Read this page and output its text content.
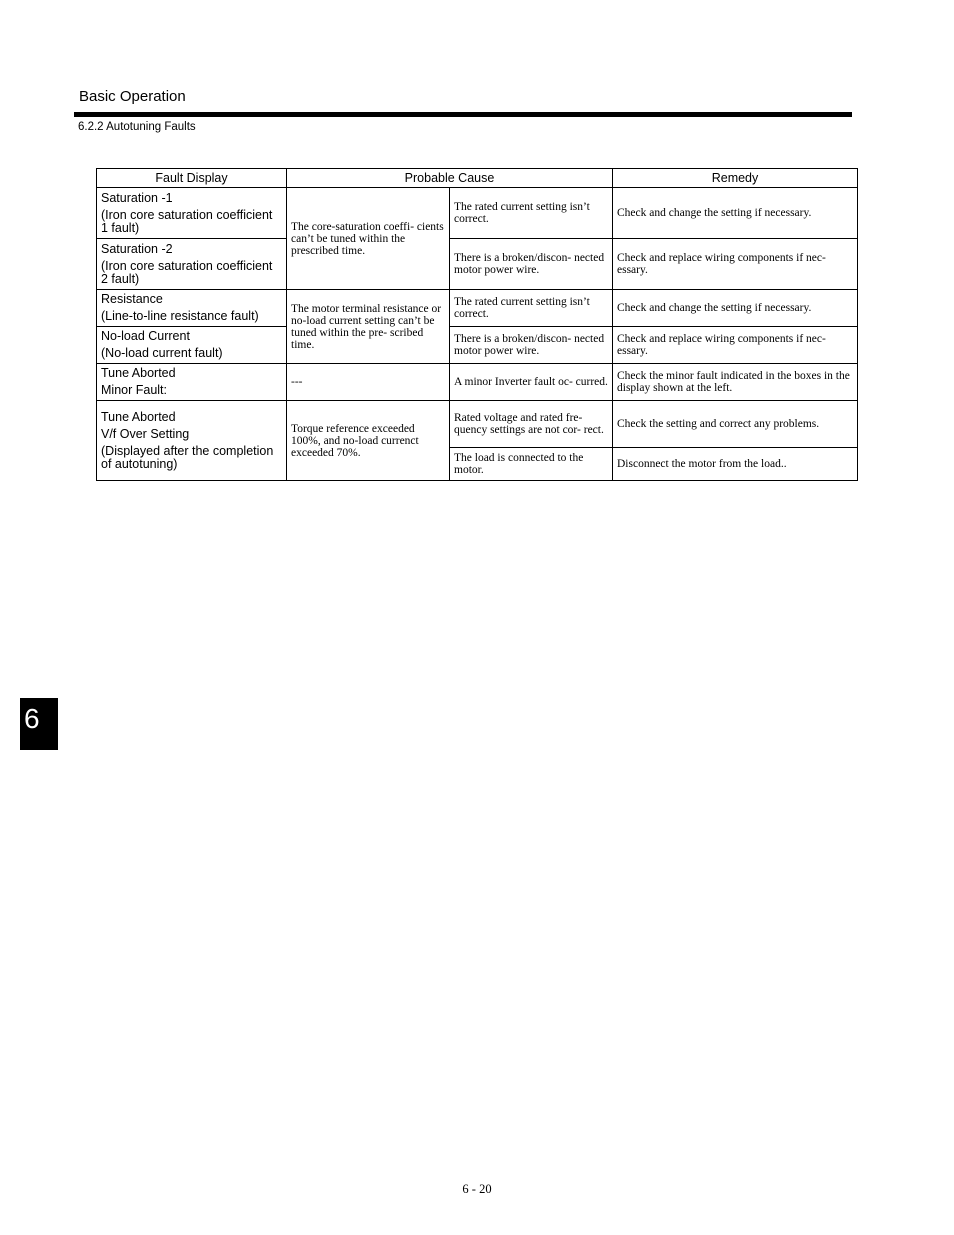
Basic Operation
6.2.2 Autotuning Faults
Fault Display	Probable Cause		Remedy

Saturation -1
(Iron core saturation coefficient 1 fault)	The core-saturation coeffi- cients can’t be tuned within the prescribed time.	The rated current setting isn’t correct.	Check and change the setting if necessary.

Saturation -2
(Iron core saturation coefficient 2 fault)		There is a broken/discon- nected motor power wire.	Check and replace wiring components if nec- essary.

Resistance
(Line-to-line resistance fault)	The motor terminal resistance or no-load current setting can’t be tuned within the pre- scribed time.	The rated current setting isn’t correct.	Check and change the setting if necessary.

No-load Current
(No-load current fault)		There is a broken/discon- nected motor power wire.	Check and replace wiring components if nec- essary.

Tune Aborted
Minor Fault:	---	A minor Inverter fault oc- curred.	Check the minor fault indicated in the boxes in the display shown at the left.

Tune Aborted
V/f Over Setting
(Displayed after the completion of autotuning)	Torque reference exceeded 100%, and no-load currenct exceeded 70%.	Rated voltage and rated fre- quency settings are not cor- rect.	Check the setting and correct any problems.
		The load is connected to the motor.	Disconnect the motor from the load..
6
6 - 20
